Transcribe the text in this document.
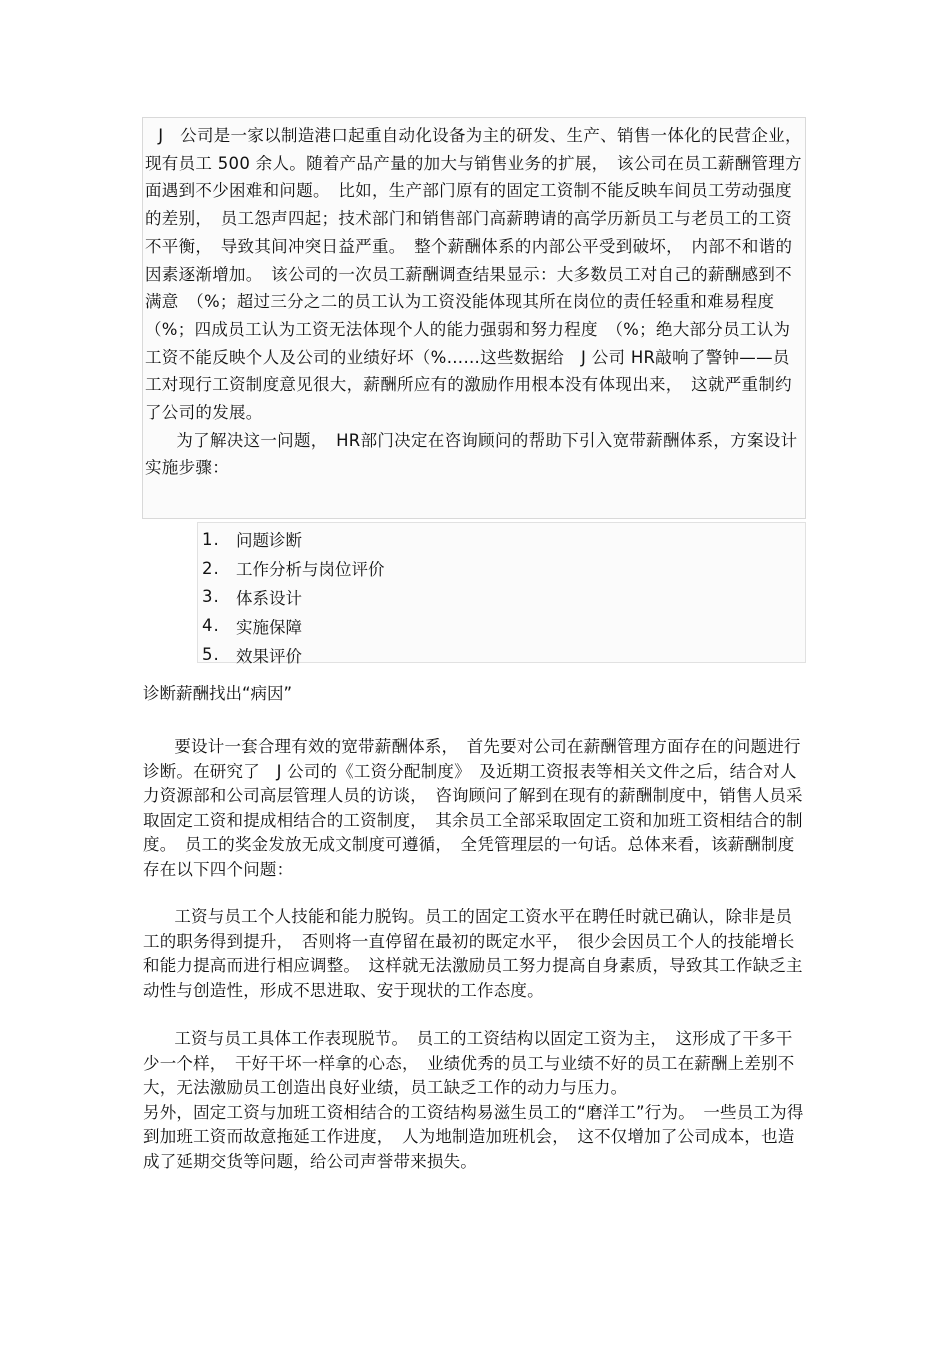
J　公司是一家以制造港口起重自动化设备为主的研发、生产、销售一体化的民营企业，现有员工 500 余人。随着产品产量的加大与销售业务的扩展，　该公司在员工薪酬管理方面遇到不少困难和问题。　比如，生产部门原有的固定工资制不能反映车间员工劳动强度的差别，　员工怨声四起；技术部门和销售部门高薪聘请的高学历新员工与老员工的工资不平衡，　导致其间冲突日益严重。　整个薪酬体系的内部公平受到破坏，　内部不和谐的因素逐渐增加。　该公司的一次员工薪酬调查结果显示：大多数员工对自己的薪酬感到不满意　（%；超过三分之二的员工认为工资没能体现其所在岗位的责任轻重和难易程度　（%；四成员工认为工资无法体现个人的能力强弱和努力程度　（%；绝大部分员工认为工资不能反映个人及公司的业绩好坏（%……这些数据给　J 公司 HR敲响了警钟——员工对现行工资制度意见很大，薪酬所应有的激励作用根本没有体现出来，　这就严重制约了公司的发展。

为了解决这一问题，　HR部门决定在咨询顾问的帮助下引入宽带薪酬体系，方案设计实施步骤：

1. 问题诊断
2. 工作分析与岗位评价
3. 体系设计
4. 实施保障
5. 效果评价
诊断薪酬找出“病因”

要设计一套合理有效的宽带薪酬体系，　首先要对公司在薪酬管理方面存在的问题进行诊断。在研究了　J 公司的《工资分配制度》　及近期工资报表等相关文件之后，结合对人力资源部和公司高层管理人员的访谈，　咨询顾问了解到在现有的薪酬制度中，销售人员采取固定工资和提成相结合的工资制度，　其余员工全部采取固定工资和加班工资相结合的制度。　员工的奖金发放无成文制度可遵循，　全凭管理层的一句话。总体来看，该薪酬制度存在以下四个问题：

工资与员工个人技能和能力脱钩。员工的固定工资水平在聘任时就已确认，除非是员工的职务得到提升，　否则将一直停留在最初的既定水平，　很少会因员工个人的技能增长和能力提高而进行相应调整。　这样就无法激励员工努力提高自身素质，导致其工作缺乏主动性与创造性，形成不思进取、安于现状的工作态度。

工资与员工具体工作表现脱节。　员工的工资结构以固定工资为主，　这形成了干多干少一个样，　干好干坏一样拿的心态，　业绩优秀的员工与业绩不好的员工在薪酬上差别不大，无法激励员工创造出良好业绩，员工缺乏工作的动力与压力。

另外，固定工资与加班工资相结合的工资结构易滋生员工的“磨洋工”行为。　一些员工为得到加班工资而故意拖延工作进度，　人为地制造加班机会，　这不仅增加了公司成本，也造成了延期交货等问题，给公司声誉带来损失。
